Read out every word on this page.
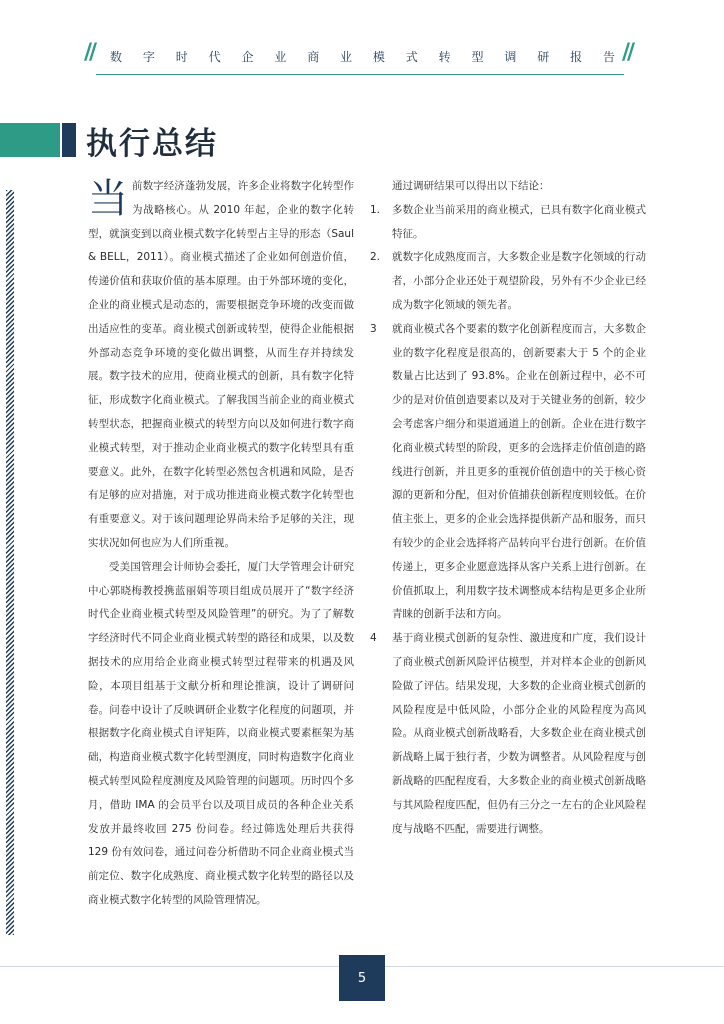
// 数字时代企业商业模式转型调研报告 //
执行总结

当前数字经济蓬勃发展，许多企业将数字化转型作为战略核心。从 2010 年起，企业的数字化转型，就演变到以商业模式数字化转型占主导的形态（Saul & BELL，2011）。商业模式描述了企业如何创造价值，传递价值和获取价值的基本原理。由于外部环境的变化，企业的商业模式是动态的，需要根据竞争环境的改变而做出适应性的变革。商业模式创新或转型，使得企业能根据外部动态竞争环境的变化做出调整，从而生存并持续发展。数字技术的应用，使商业模式的创新，具有数字化特征，形成数字化商业模式。了解我国当前企业的商业模式转型状态，把握商业模式的转型方向以及如何进行数字商业模式转型，对于推动企业商业模式的数字化转型具有重要意义。此外，在数字化转型必然包含机遇和风险，是否有足够的应对措施，对于成功推进商业模式数字化转型也有重要意义。对于该问题理论界尚未给予足够的关注，现实状况如何也应为人们所重视。

受美国管理会计师协会委托，厦门大学管理会计研究中心郭晓梅教授携蓝丽娟等项目组成员展开了“数字经济时代企业商业模式转型及风险管理”的研究。为了了解数字经济时代不同企业商业模式转型的路径和成果，以及数据技术的应用给企业商业模式转型过程带来的机遇及风险，本项目组基于文献分析和理论推演，设计了调研问卷。问卷中设计了反映调研企业数字化程度的问题项，并根据数字化商业模式自评矩阵，以商业模式要素框架为基础，构造商业模式数字化转型测度，同时构造数字化商业模式转型风险程度测度及风险管理的问题项。历时四个多月，借助 IMA 的会员平台以及项目成员的各种企业关系发放并最终收回 275 份问卷。经过筛选处理后共获得 129 份有效问卷，通过问卷分析借助不同企业商业模式当前定位、数字化成熟度、商业模式数字化转型的路径以及商业模式数字化转型的风险管理情况。

通过调研结果可以得出以下结论：

1.	多数企业当前采用的商业模式，已具有数字化商业模式特征。
2.	就数字化成熟度而言，大多数企业是数字化领域的行动者，小部分企业还处于观望阶段，另外有不少企业已经成为数字化领域的领先者。
3	就商业模式各个要素的数字化创新程度而言，大多数企业的数字化程度是很高的，创新要素大于 5 个的企业数量占比达到了 93.8%。企业在创新过程中，必不可少的是对价值创造要素以及对于关键业务的创新，较少会考虑客户细分和渠道通道上的创新。企业在进行数字化商业模式转型的阶段，更多的会选择走价值创造的路线进行创新，并且更多的重视价值创造中的关于核心资源的更新和分配，但对价值捕获创新程度则较低。在价值主张上，更多的企业会选择提供新产品和服务，而只有较少的企业会选择将产品转向平台进行创新。在价值传递上，更多企业愿意选择从客户关系上进行创新。在价值抓取上，利用数字技术调整成本结构是更多企业所青睐的创新手法和方向。
4	基于商业模式创新的复杂性、激进度和广度，我们设计了商业模式创新风险评估模型，并对样本企业的创新风险做了评估。结果发现，大多数的企业商业模式创新的风险程度是中低风险，小部分企业的风险程度为高风险。从商业模式创新战略看，大多数企业在商业模式创新战略上属于独行者，少数为调整者。从风险程度与创新战略的匹配程度看，大多数企业的商业模式创新战略与其风险程度匹配，但仍有三分之一左右的企业风险程度与战略不匹配，需要进行调整。
5
